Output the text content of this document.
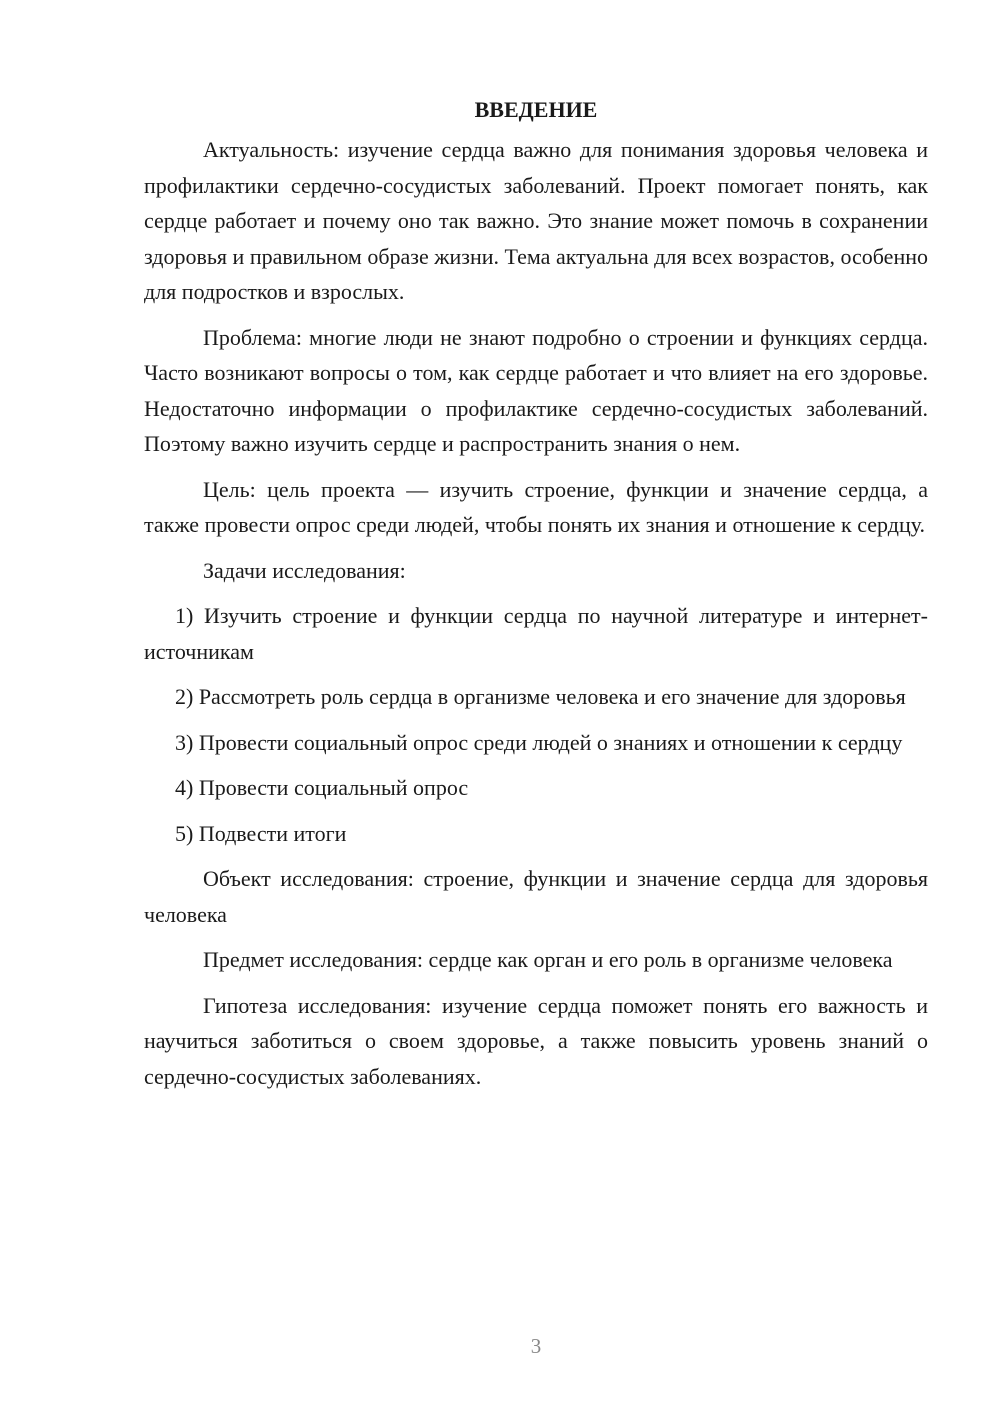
ВВЕДЕНИЕ

Актуальность: изучение сердца важно для понимания здоровья человека и профилактики сердечно-сосудистых заболеваний. Проект помогает понять, как сердце работает и почему оно так важно. Это знание может помочь в сохранении здоровья и правильном образе жизни. Тема актуальна для всех возрастов, особенно для подростков и взрослых.

Проблема: многие люди не знают подробно о строении и функциях сердца. Часто возникают вопросы о том, как сердце работает и что влияет на его здоровье. Недостаточно информации о профилактике сердечно-сосудистых заболеваний. Поэтому важно изучить сердце и распространить знания о нем.

Цель: цель проекта — изучить строение, функции и значение сердца, а также провести опрос среди людей, чтобы понять их знания и отношение к сердцу.

Задачи исследования:

1) Изучить строение и функции сердца по научной литературе и интернет-источникам

2) Рассмотреть роль сердца в организме человека и его значение для здоровья

3) Провести социальный опрос среди людей о знаниях и отношении к сердцу

4) Провести социальный опрос

5) Подвести итоги

Объект исследования: строение, функции и значение сердца для здоровья человека

Предмет исследования: сердце как орган и его роль в организме человека

Гипотеза исследования: изучение сердца поможет понять его важность и научиться заботиться о своем здоровье, а также повысить уровень знаний о сердечно-сосудистых заболеваниях.

3
